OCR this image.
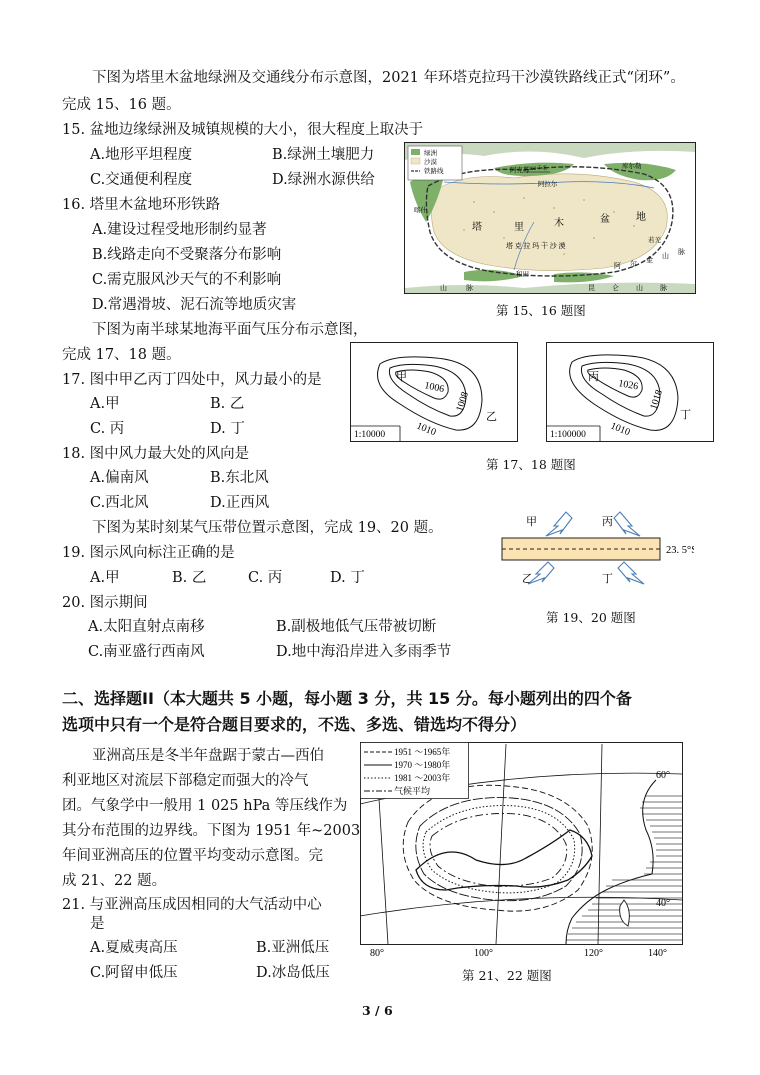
下图为塔里木盆地绿洲及交通线分布示意图，2021 年环塔克拉玛干沙漠铁路线正式“闭环”。
完成 15、16 题。
15. 盆地边缘绿洲及城镇规模的大小，很大程度上取决于
A.地形平坦程度	B.绿洲土壤肥力
C.交通便利程度	D.绿洲水源供给
16. 塔里木盆地环形铁路
A.建设过程受地形制约显著
B.线路走向不受聚落分布影响
C.需克服风沙天气的不利影响
D.常遇滑坡、泥石流等地质灾害
绿洲
沙漠
铁路线	0 200千米
阿克苏
库尔勒
阿拉尔
喀什
和田
若羌
塔	里	木	盆	地
塔 克 拉 玛 干 沙 漠
山	脉	昆 仑 山 脉
阿 尔 金 山 脉
第 15、16 题图
下图为南半球某地海平面气压分布示意图，
完成 17、18 题。
17. 图中甲乙丙丁四处中，风力最小的是
A.甲	B. 乙
C. 丙	D. 丁
18. 图中风力最大处的风向是
A.偏南风	B.东北风
C.西北风	D.正西风
甲
1006
1008
1010
乙
1:10000
丙
1026
1018
1010
丁
1:100000
第 17、18 题图
下图为某时刻某气压带位置示意图，完成 19、20 题。
19. 图示风向标注正确的是
A.甲	B. 乙	C. 丙	D. 丁
20. 图示期间
A.太阳直射点南移	B.副极地低气压带被切断
C.南亚盛行西南风	D.地中海沿岸进入多雨季节
23. 5°S
甲	丙
乙	丁
第 19、20 题图
二、选择题II（本大题共 5 小题，每小题 3 分，共 15 分。每小题列出的四个备
选项中只有一个是符合题目要求的，不选、多选、错选均不得分）
亚洲高压是冬半年盘踞于蒙古—西伯
利亚地区对流层下部稳定而强大的冷气
团。气象学中一般用 1 025 hPa 等压线作为
其分布范围的边界线。下图为 1951 年~2003
年间亚洲高压的位置平均变动示意图。完
成 21、22 题。
21. 与亚洲高压成因相同的大气活动中心
是
A.夏威夷高压	B.亚洲低压
C.阿留申低压	D.冰岛低压
1951 ～1965年
1970 ～1980年
1981 ～2003年
气候平均
60°
40°
80°	100°	120°	140°
第 21、22 题图
3 / 6
